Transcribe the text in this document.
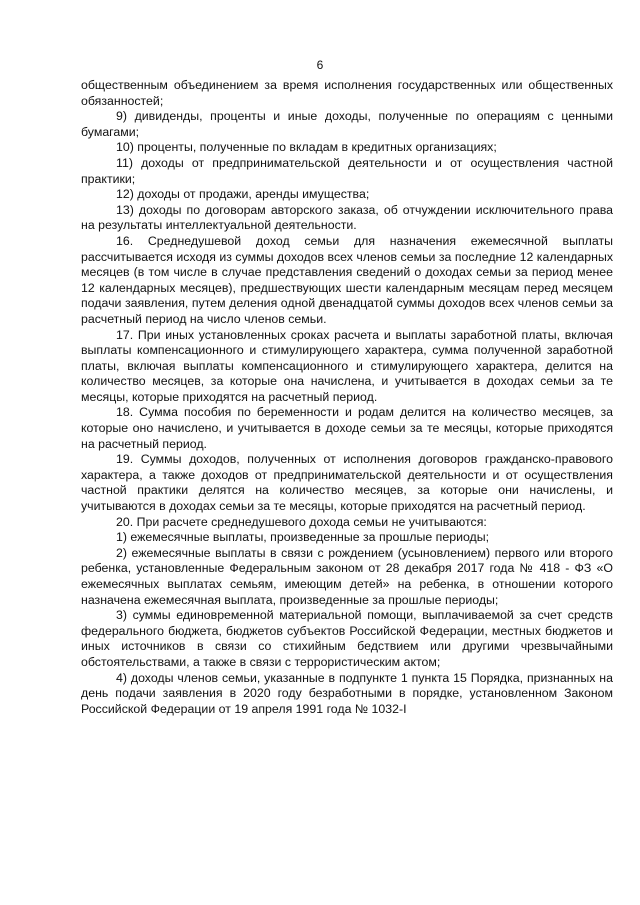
6

общественным объединением за время исполнения государственных или общественных обязанностей;

9) дивиденды, проценты и иные доходы, полученные по операциям с ценными бумагами;

10) проценты, полученные по вкладам в кредитных организациях;

11) доходы от предпринимательской деятельности и от осуществления частной практики;

12) доходы от продажи, аренды имущества;

13) доходы по договорам авторского заказа, об отчуждении исключительного права на результаты интеллектуальной деятельности.

16. Среднедушевой доход семьи для назначения ежемесячной выплаты рассчитывается исходя из суммы доходов всех членов семьи за последние 12 календарных месяцев (в том числе в случае представления сведений о доходах семьи за период менее 12 календарных месяцев), предшествующих шести календарным месяцам перед месяцем подачи заявления, путем деления одной двенадцатой суммы доходов всех членов семьи за расчетный период на число членов семьи.

17. При иных установленных сроках расчета и выплаты заработной платы, включая выплаты компенсационного и стимулирующего характера, сумма полученной заработной платы, включая выплаты компенсационного и стимулирующего характера, делится на количество месяцев, за которые она начислена, и учитывается в доходах семьи за те месяцы, которые приходятся на расчетный период.

18. Сумма пособия по беременности и родам делится на количество месяцев, за которые оно начислено, и учитывается в доходе семьи за те месяцы, которые приходятся на расчетный период.

19. Суммы доходов, полученных от исполнения договоров гражданско-правового характера, а также доходов от предпринимательской деятельности и от осуществления частной практики делятся на количество месяцев, за которые они начислены, и учитываются в доходах семьи за те месяцы, которые приходятся на расчетный период.

20. При расчете среднедушевого дохода семьи не учитываются:

1) ежемесячные выплаты, произведенные за прошлые периоды;

2) ежемесячные выплаты в связи с рождением (усыновлением) первого или второго ребенка, установленные Федеральным законом от 28 декабря 2017 года № 418 - ФЗ «О ежемесячных выплатах семьям, имеющим детей» на ребенка, в отношении которого назначена ежемесячная выплата, произведенные за прошлые периоды;

3) суммы единовременной материальной помощи, выплачиваемой за счет средств федерального бюджета, бюджетов субъектов Российской Федерации, местных бюджетов и иных источников в связи со стихийным бедствием или другими чрезвычайными обстоятельствами, а также в связи с террористическим актом;

4) доходы членов семьи, указанные в подпункте 1 пункта 15 Порядка, признанных на день подачи заявления в 2020 году безработными в порядке, установленном Законом Российской Федерации от 19 апреля 1991 года № 1032-I
